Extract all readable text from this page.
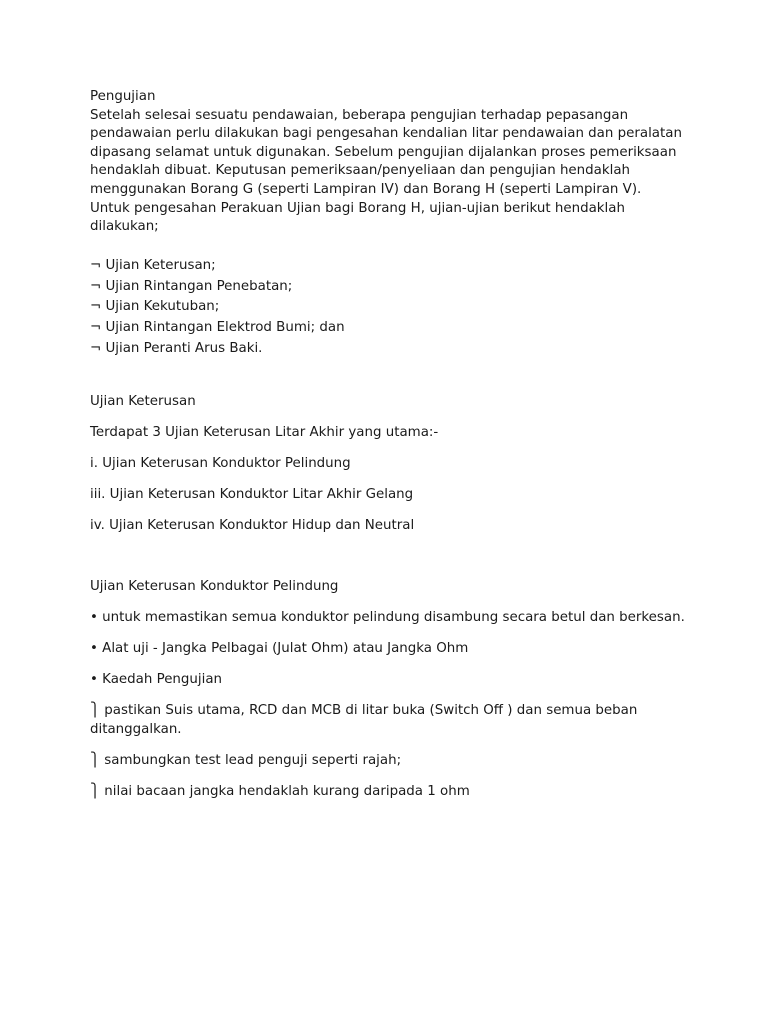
Pengujian

Setelah selesai sesuatu pendawaian, beberapa pengujian terhadap pepasangan pendawaian perlu dilakukan bagi pengesahan kendalian litar pendawaian dan peralatan dipasang selamat untuk digunakan. Sebelum pengujian dijalankan proses pemeriksaan hendaklah dibuat. Keputusan pemeriksaan/penyeliaan dan pengujian hendaklah menggunakan Borang G (seperti Lampiran IV) dan Borang H (seperti Lampiran V).

Untuk pengesahan Perakuan Ujian bagi Borang H, ujian-ujian berikut hendaklah dilakukan;

¬ Ujian Keterusan;
¬ Ujian Rintangan Penebatan;
¬ Ujian Kekutuban;
¬ Ujian Rintangan Elektrod Bumi; dan
¬ Ujian Peranti Arus Baki.

Ujian Keterusan

Terdapat 3 Ujian Keterusan Litar Akhir yang utama:-

i. Ujian Keterusan Konduktor Pelindung

iii. Ujian Keterusan Konduktor Litar Akhir Gelang

iv. Ujian Keterusan Konduktor Hidup dan Neutral

Ujian Keterusan Konduktor Pelindung

• untuk memastikan semua konduktor pelindung disambung secara betul dan berkesan.

• Alat uji - Jangka Pelbagai (Julat Ohm) atau Jangka Ohm

• Kaedah Pengujian

⎫ pastikan Suis utama, RCD dan MCB di litar buka (Switch Off ) dan semua beban ditanggalkan.

⎫ sambungkan test lead penguji seperti rajah;

⎫ nilai bacaan jangka hendaklah kurang daripada 1 ohm
